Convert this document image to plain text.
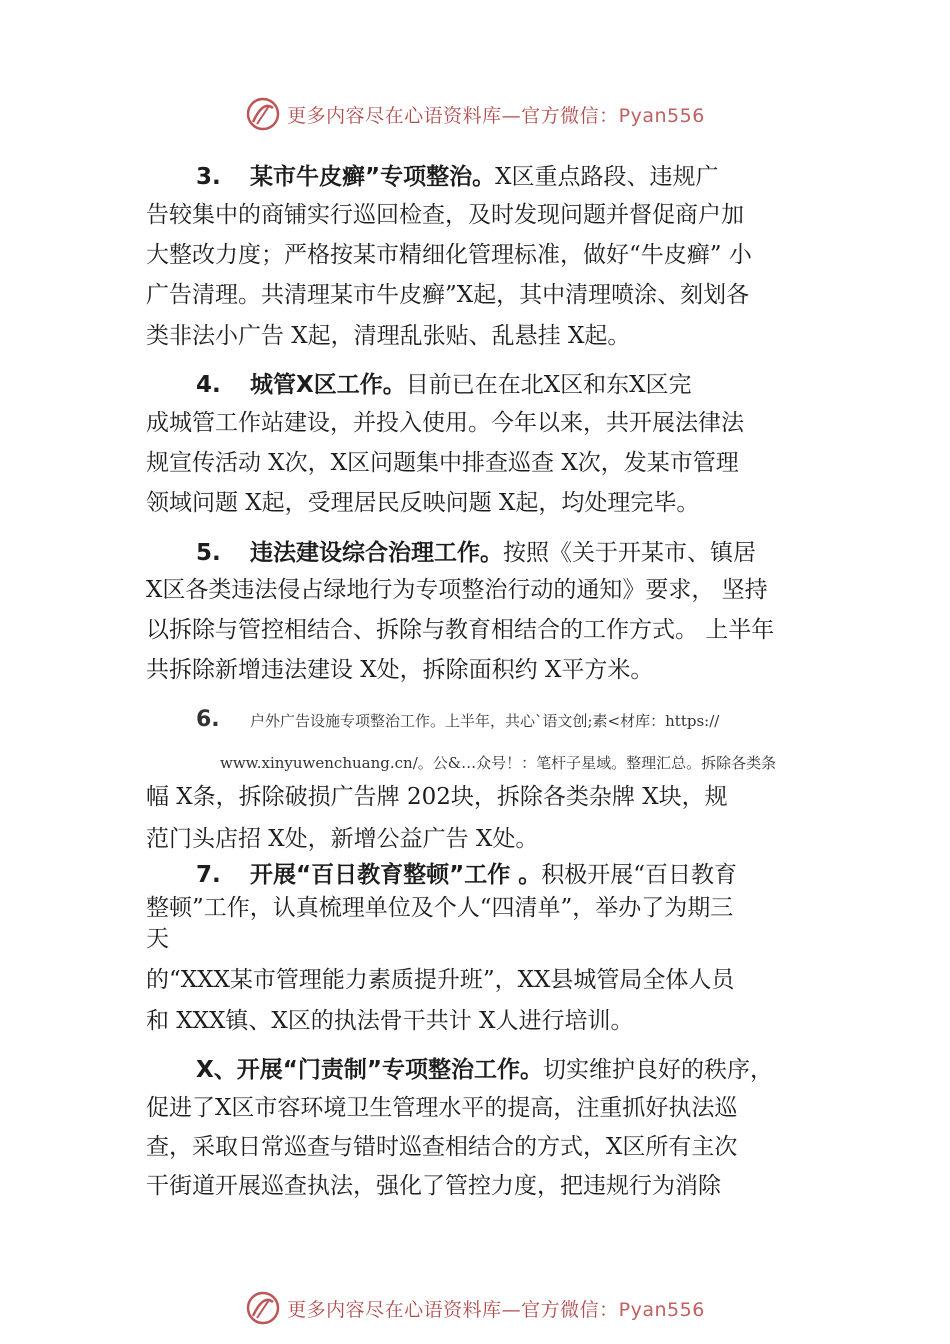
更多内容尽在心语资料库—官方微信：Pyan556
3. 某市牛皮癣”专项整治。X区重点路段、违规广
告较集中的商铺实行巡回检查，及时发现问题并督促商户加
大整改力度；严格按某市精细化管理标准，做好“牛皮癣” 小
广告清理。共清理某市牛皮癣”X起，其中清理喷涂、刻划各
类非法小广告 X起，清理乱张贴、乱悬挂 X起。
4. 城管X区工作。目前已在在北X区和东X区完
成城管工作站建设，并投入使用。今年以来，共开展法律法
规宣传活动 X次，X区问题集中排查巡查 X次，发某市管理
领域问题 X起，受理居民反映问题 X起，均处理完毕。
5. 违法建设综合治理工作。按照《关于开某市、镇居
X区各类违法侵占绿地行为专项整治行动的通知》要求， 坚持
以拆除与管控相结合、拆除与教育相结合的工作方式。 上半年
共拆除新增违法建设 X处，拆除面积约 X平方米。
6. 户外广告设施专项整治工作。上半年，共心`语文创;素<材库：https://
www.xinyuwenchuang.cn/。公&…众号！：笔杆子星域。整理汇总。拆除各类条
幅 X条，拆除破损广告牌 202块，拆除各类杂牌 X块，规
范门头店招 X处，新增公益广告 X处。
7. 开展“百日教育整顿”工作 。积极开展“百日教育
整顿”工作，认真梳理单位及个人“四清单”，举办了为期三
天
的“XXX某市管理能力素质提升班”，XX县城管局全体人员
和 XXX镇、X区的执法骨干共计 X人进行培训。
X、开展“门责制”专项整治工作。切实维护良好的秩序，
促进了X区市容环境卫生管理水平的提高，注重抓好执法巡
查，采取日常巡查与错时巡查相结合的方式，X区所有主次
干街道开展巡查执法，强化了管控力度，把违规行为消除
更多内容尽在心语资料库—官方微信：Pyan556
